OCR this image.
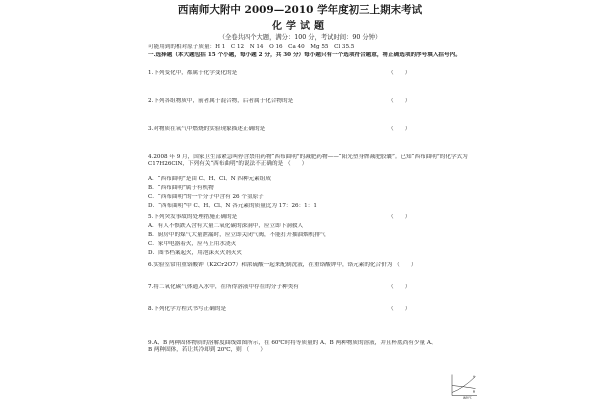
西南师大附中 2009—2010 学年度初三上期末考试
化学试题
（全卷共四个大题，满分：100 分，考试时间：90 分钟）
可能用到的相对原子质量：H 1　C 12　N 14　O 16　Ca 40　Mg 55　Cl 35.5
一.选择题（本大题包括 15 个小题，每小题 2 分，共 30 分）每小题只有一个选项符合题意，将正确选项的序号填入括号内。
1.下列变化中，都属于化学变化的是	（　　）
2.下列各组物质中，前者属于混合物，后者属于化合物的是	（　　）
3.对物质在氧气中燃烧的实验现象描述正确的是	（　　）
4.2008 年 9 月，国家卫生部紧急叫停含禁用药物“西布曲明”的减肥药物——“阳光塑身牌减肥胶囊”。已知“西布曲明”的化学式为 C17H26ClN，下列有关“西布曲明”的说法不正确的是 （　　）
A．“西布曲明”是由 C、H、Cl、N 四种元素组成
B．“西布曲明”属于有机物
C．“西布曲明”的一个分子中含有 26 个氢原子
D．“西布曲明”中 C、H、Cl、N 各元素的质量比为 17：26：1：1
5.下列突发事故的处理措施正确的是	（　　）
A．有人不慎跌入含有大量二氧化碳的深洞中，应立即下洞救人
B．厨房中的煤气大量泄漏时，应立即关闭气阀，不能打开抽油烟机排气
C．家中电器着火，应马上用水浇灭
D．图书档案起火，用泡沫灭火剂灭火
6.实验室常用重铬酸钾（K2Cr2O7）和浓硫酸一起来配制洗液，在重铬酸钾中，铬元素的化合价为 （　　）
7.将二氧化碳气体通入水中，在所得溶液中存在的分子种类有	（　　）
8.下列化学方程式书写正确的是	（　　）
9.A、B 两种固体物质的溶解度曲线如图所示，在 60℃时将等质量的 A、B 两种物质的溶液，并且杯底尚有少量 A、B 两种固体，若让其冷却到 20℃，则 （　　）
A
B
温度/℃
